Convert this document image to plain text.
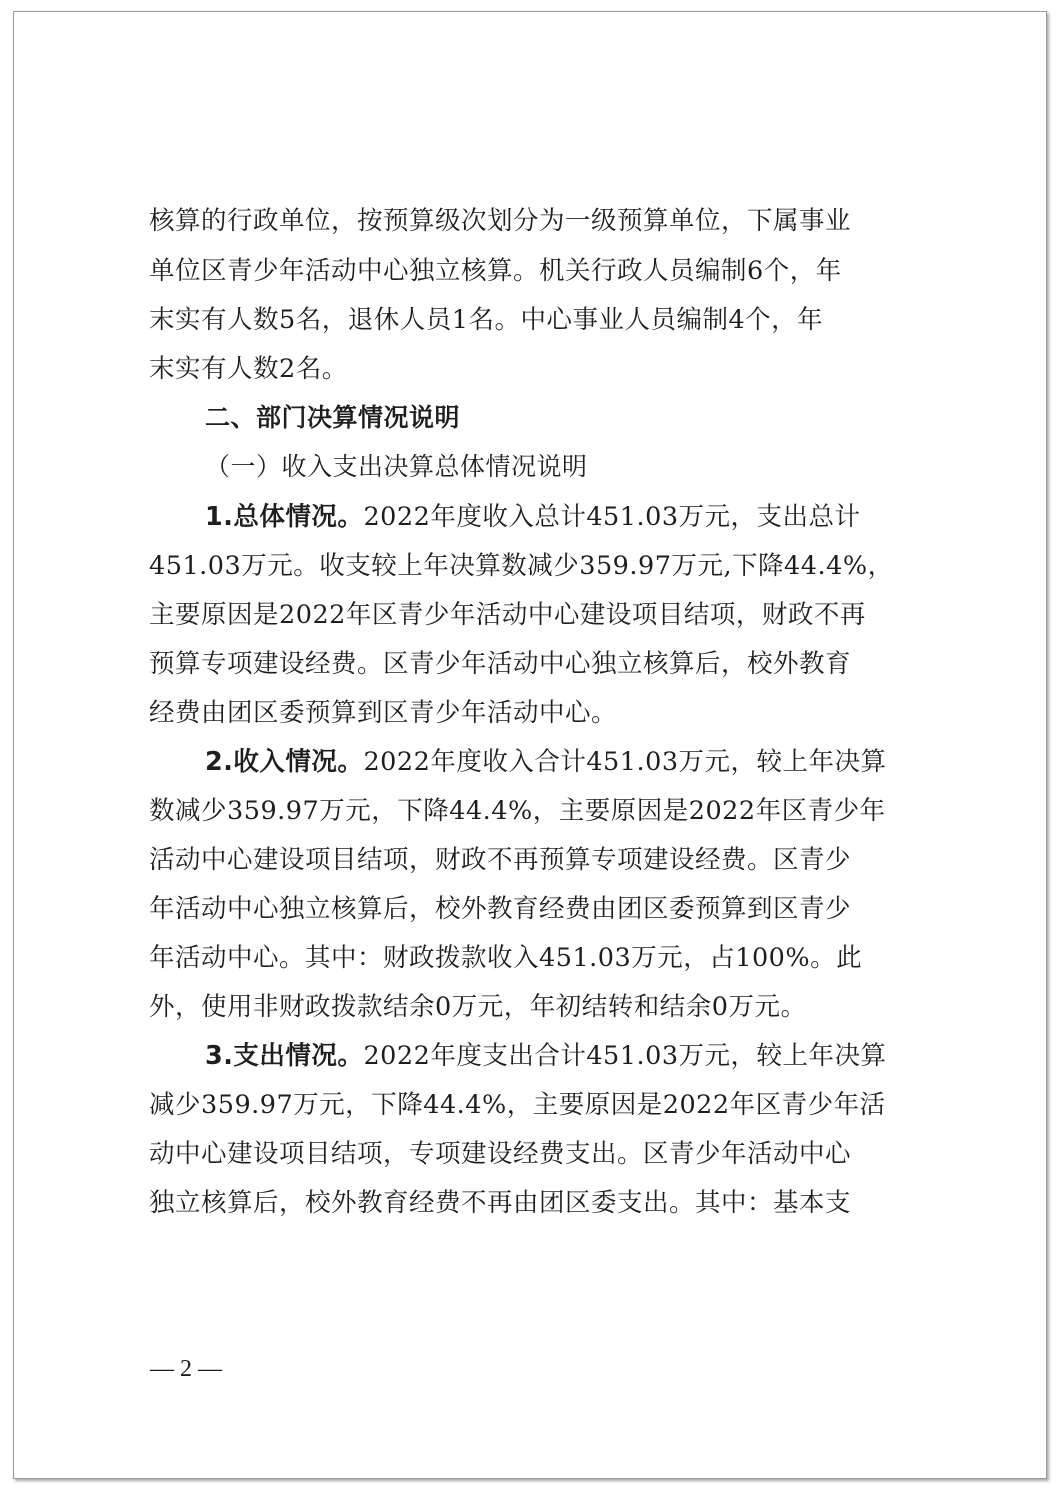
核算的行政单位，按预算级次划分为一级预算单位，下属事业
单位区青少年活动中心独立核算。机关行政人员编制6个，年
末实有人数5名，退休人员1名。中心事业人员编制4个，年
末实有人数2名。
二、部门决算情况说明
（一）收入支出决算总体情况说明
1.总体情况。2022年度收入总计451.03万元，支出总计
451.03万元。收支较上年决算数减少359.97万元,下降44.4%，
主要原因是2022年区青少年活动中心建设项目结项，财政不再
预算专项建设经费。区青少年活动中心独立核算后，校外教育
经费由团区委预算到区青少年活动中心。
2.收入情况。2022年度收入合计451.03万元，较上年决算
数减少359.97万元，下降44.4%，主要原因是2022年区青少年
活动中心建设项目结项，财政不再预算专项建设经费。区青少
年活动中心独立核算后，校外教育经费由团区委预算到区青少
年活动中心。其中：财政拨款收入451.03万元，占100%。此
外，使用非财政拨款结余0万元，年初结转和结余0万元。
3.支出情况。2022年度支出合计451.03万元，较上年决算
减少359.97万元，下降44.4%，主要原因是2022年区青少年活
动中心建设项目结项，专项建设经费支出。区青少年活动中心
独立核算后，校外教育经费不再由团区委支出。其中：基本支
— 2 —
